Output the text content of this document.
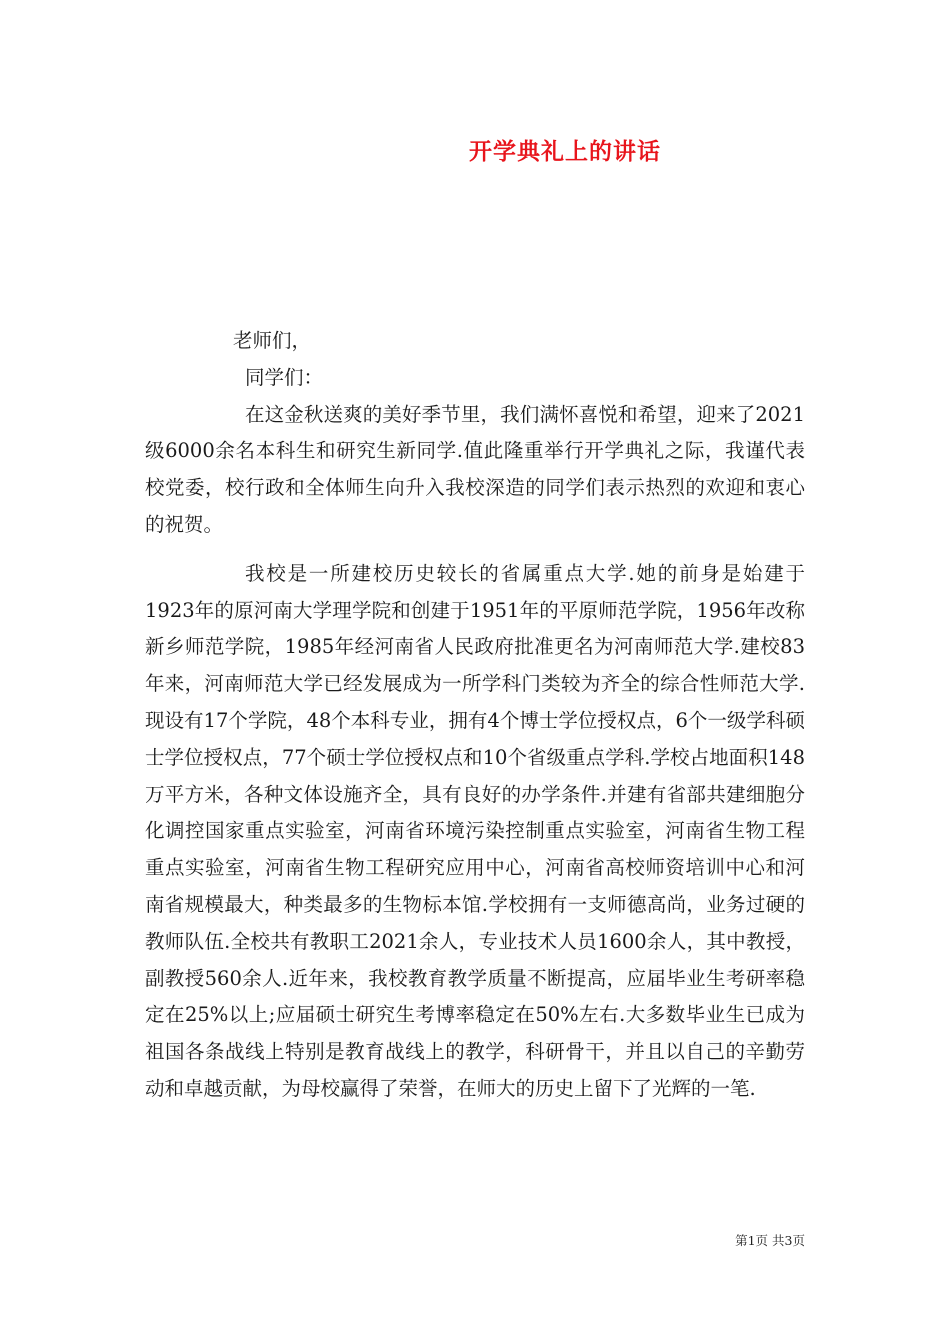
开学典礼上的讲话

老师们，

同学们：

在这金秋送爽的美好季节里，我们满怀喜悦和希望，迎来了2021级6000余名本科生和研究生新同学.值此隆重举行开学典礼之际，我谨代表校党委，校行政和全体师生向升入我校深造的同学们表示热烈的欢迎和衷心的祝贺。

我校是一所建校历史较长的省属重点大学.她的前身是始建于1923年的原河南大学理学院和创建于1951年的平原师范学院，1956年改称新乡师范学院，1985年经河南省人民政府批准更名为河南师范大学.建校83年来，河南师范大学已经发展成为一所学科门类较为齐全的综合性师范大学.现设有17个学院，48个本科专业，拥有4个博士学位授权点，6个一级学科硕士学位授权点，77个硕士学位授权点和10个省级重点学科.学校占地面积148万平方米，各种文体设施齐全，具有良好的办学条件.并建有省部共建细胞分化调控国家重点实验室，河南省环境污染控制重点实验室，河南省生物工程重点实验室，河南省生物工程研究应用中心，河南省高校师资培训中心和河南省规模最大，种类最多的生物标本馆.学校拥有一支师德高尚，业务过硬的教师队伍.全校共有教职工2021余人，专业技术人员1600余人，其中教授，副教授560余人.近年来，我校教育教学质量不断提高，应届毕业生考研率稳定在25%以上;应届硕士研究生考博率稳定在50%左右.大多数毕业生已成为祖国各条战线上特别是教育战线上的教学，科研骨干，并且以自己的辛勤劳动和卓越贡献，为母校赢得了荣誉，在师大的历史上留下了光辉的一笔.

第1页 共3页
